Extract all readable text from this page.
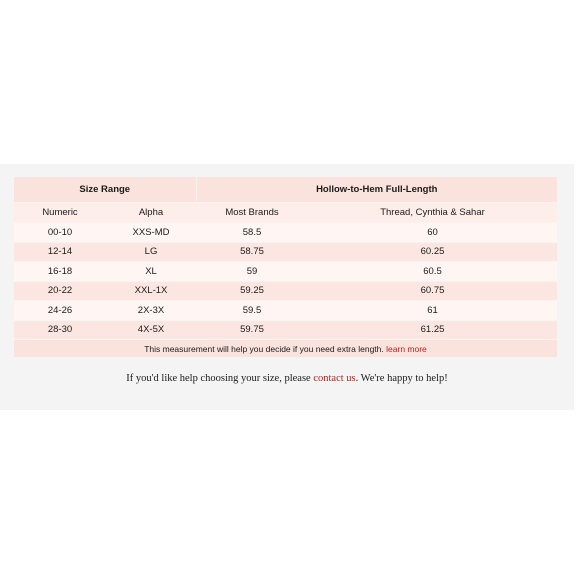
Size Range		Hollow-to-Hem Full-Length	
Numeric	Alpha	Most Brands	Thread, Cynthia & Sahar
00-10	XXS-MD	58.5	60
12-14	LG	58.75	60.25
16-18	XL	59	60.5
20-22	XXL-1X	59.25	60.75
24-26	2X-3X	59.5	61
28-30	4X-5X	59.75	61.25
This measurement will help you decide if you need extra length. learn more			
If you'd like help choosing your size, please contact us. We're happy to help!
